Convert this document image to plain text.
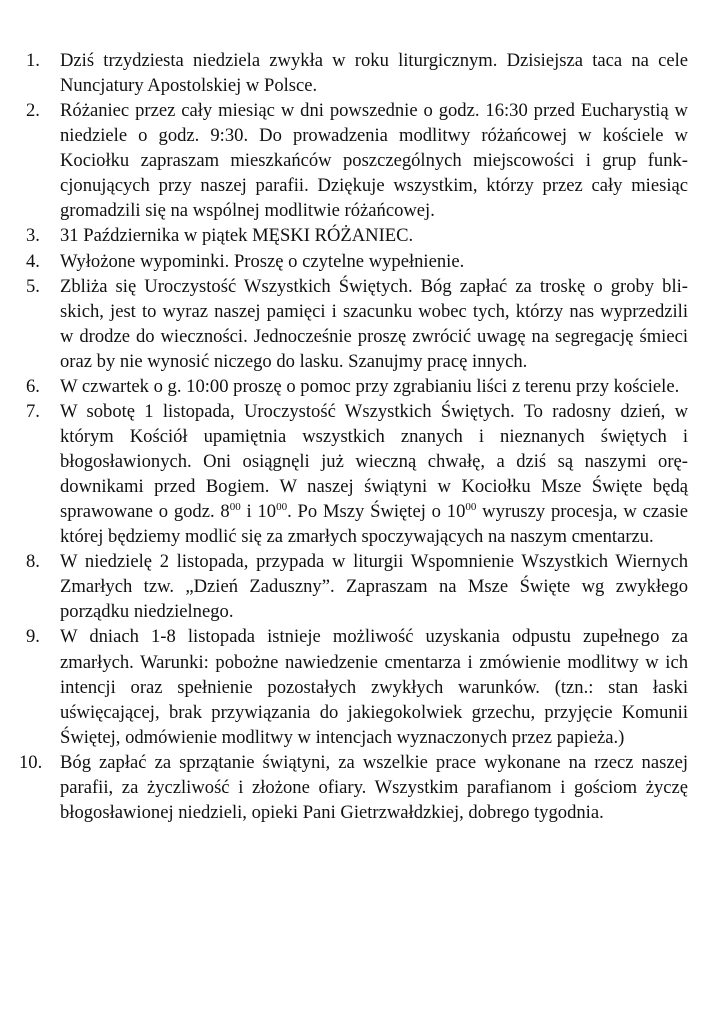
1. Dziś trzydziesta niedziela zwykła w roku liturgicznym. Dzisiejsza taca na cele Nuncjatury Apostolskiej w Polsce.
2. Różaniec przez cały miesiąc w dni powszednie o godz. 16:30 przed Eucharystią w niedziele o godz. 9:30. Do prowadzenia modlitwy różańcowej w kościele w Kociołku zapraszam mieszkańców poszczególnych miejscowości i grup funkcjonujących przy naszej parafii. Dziękuje wszystkim, którzy przez cały miesiąc gromadzili się na wspólnej modlitwie różańcowej.
3. 31 Października w piątek MĘSKI RÓŻANIEC.
4. Wyłożone wypominki. Proszę o czytelne wypełnienie.
5. Zbliża się Uroczystość Wszystkich Świętych. Bóg zapłać za troskę o groby bliskich, jest to wyraz naszej pamięci i szacunku wobec tych, którzy nas wyprzedzili w drodze do wieczności. Jednocześnie proszę zwrócić uwagę na segregację śmieci oraz by nie wynosić niczego do lasku. Szanujmy pracę innych.
6. W czwartek o g. 10:00 proszę o pomoc przy zgrabianiu liści z terenu przy kościele.
7. W sobotę 1 listopada, Uroczystość Wszystkich Świętych. To radosny dzień, w którym Kościół upamiętnia wszystkich znanych i nieznanych świętych i błogosławionych. Oni osiągnęli już wieczną chwałę, a dziś są naszymi orędownikami przed Bogiem. W naszej świątyni w Kociołku Msze Święte będą sprawowane o godz. $8^{00}$ i $10^{00}$. Po Mszy Świętej o $10^{00}$ wyruszy procesja, w czasie której będziemy modlić się za zmarłych spoczywających na naszym cmentarzu.
8. W niedzielę 2 listopada, przypada w liturgii Wspomnienie Wszystkich Wiernych Zmarłych tzw. „Dzień Zaduszny”. Zapraszam na Msze Święte wg zwykłego porządku niedzielnego.
9. W dniach 1-8 listopada istnieje możliwość uzyskania odpustu zupełnego za zmarłych. Warunki: pobożne nawiedzenie cmentarza i zmówienie modlitwy w ich intencji oraz spełnienie pozostałych zwykłych warunków. (tzn.: stan łaski uświęcającej, brak przywiązania do jakiegokolwiek grzechu, przyjęcie Komunii Świętej, odmówienie modlitwy w intencjach wyznaczonych przez papieża.)
10. Bóg zapłać za sprzątanie świątyni, za wszelkie prace wykonane na rzecz naszej parafii, za życzliwość i złożone ofiary. Wszystkim parafianom i gościom życzę błogosławionej niedzieli, opieki Pani Gietrzwałdzkiej, dobrego tygodnia.
